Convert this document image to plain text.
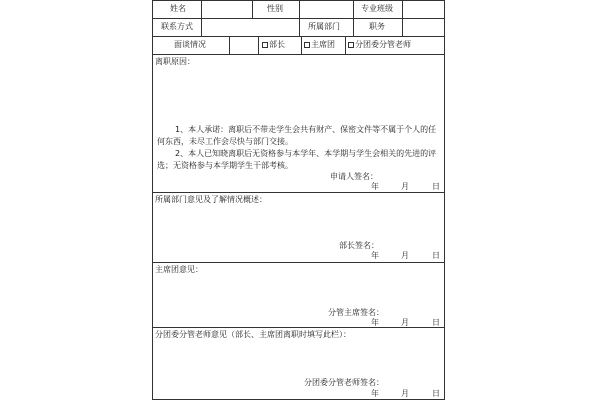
姓名	性别	专业班级
联系方式	所属部门	职务
面谈情况	部长	主席团	分团委分管老师
离职原因：
1、本人承诺：离职后不带走学生会共有财产、保密文件等不属于个人的任何东西，未尽工作会尽快与部门交接。
2、本人已知晓离职后无资格参与本学年、本学期与学生会相关的先进的评选；无资格参与本学期学生干部考核。
申请人签名：
年	月	日
所属部门意见及了解情况概述：
部长签名：
年	月	日
主席团意见：
分管主席签名：
年	月	日
分团委分管老师意见（部长、主席团离职时填写此栏）：
分团委分管老师签名：
年	月	日
